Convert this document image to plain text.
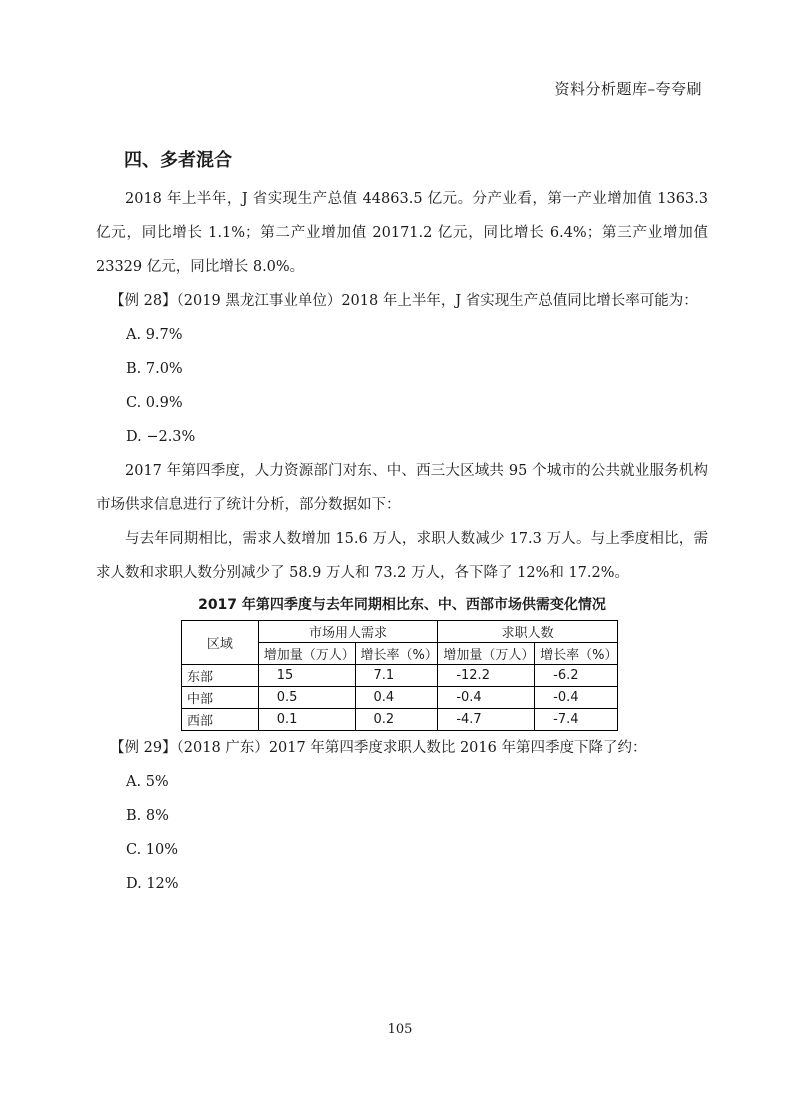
资料分析题库–夸夸刷
四、多者混合

2018 年上半年，J 省实现生产总值 44863.5 亿元。分产业看，第一产业增加值 1363.3 亿元，同比增长 1.1%；第二产业增加值 20171.2 亿元，同比增长 6.4%；第三产业增加值 23329 亿元，同比增长 8.0%。

【例 28】（2019 黑龙江事业单位）2018 年上半年，J 省实现生产总值同比增长率可能为：

A. 9.7%

B. 7.0%

C. 0.9%

D. −2.3%

2017 年第四季度，人力资源部门对东、中、西三大区域共 95 个城市的公共就业服务机构市场供求信息进行了统计分析，部分数据如下：

与去年同期相比，需求人数增加 15.6 万人，求职人数减少 17.3 万人。与上季度相比，需求人数和求职人数分别减少了 58.9 万人和 73.2 万人，各下降了 12%和 17.2%。

2017 年第四季度与去年同期相比东、中、西部市场供需变化情况
区域	市场用人需求		求职人数	
	增加量（万人）	增长率（%）	增加量（万人）	增长率（%）
东部	15	7.1	-12.2	-6.2
中部	0.5	0.4	-0.4	-0.4
西部	0.1	0.2	-4.7	-7.4

【例 29】（2018 广东）2017 年第四季度求职人数比 2016 年第四季度下降了约：

A. 5%

B. 8%

C. 10%

D. 12%

105
